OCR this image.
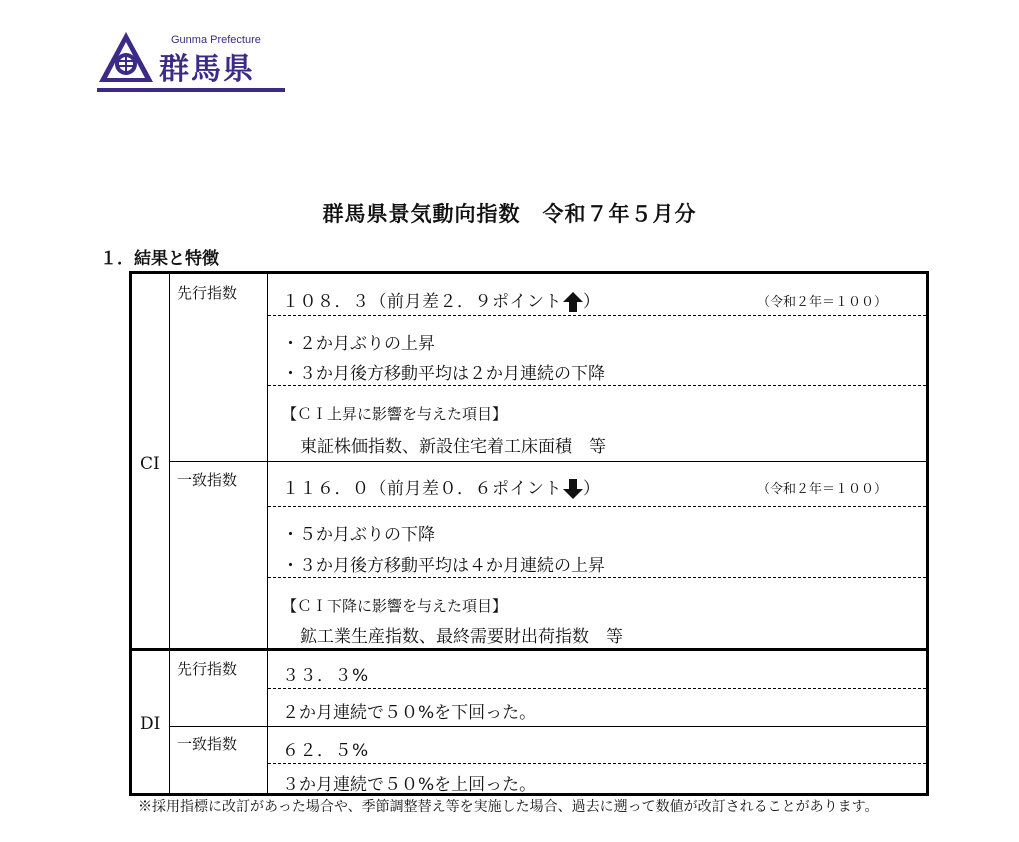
Gunma Prefecture
群馬県
群馬県景気動向指数　令和７年５月分
１．結果と特徴
先行指数	１０８．３（前月差２．９ポイント ）	（令和２年＝１００）
・２か月ぶりの上昇
・３か月後方移動平均は２か月連続の下降
【ＣＩ上昇に影響を与えた項目】
東証株価指数、新設住宅着工床面積　等
CI
一致指数	１１６．０（前月差０．６ポイント ）	（令和２年＝１００）
・５か月ぶりの下降
・３か月後方移動平均は４か月連続の上昇
【ＣＩ下降に影響を与えた項目】
鉱工業生産指数、最終需要財出荷指数　等
先行指数	３３．３%
２か月連続で５０%を下回った。
DI
一致指数	６２．５%
３か月連続で５０%を上回った。
※採用指標に改訂があった場合や、季節調整替え等を実施した場合、過去に遡って数値が改訂されることがあります。
